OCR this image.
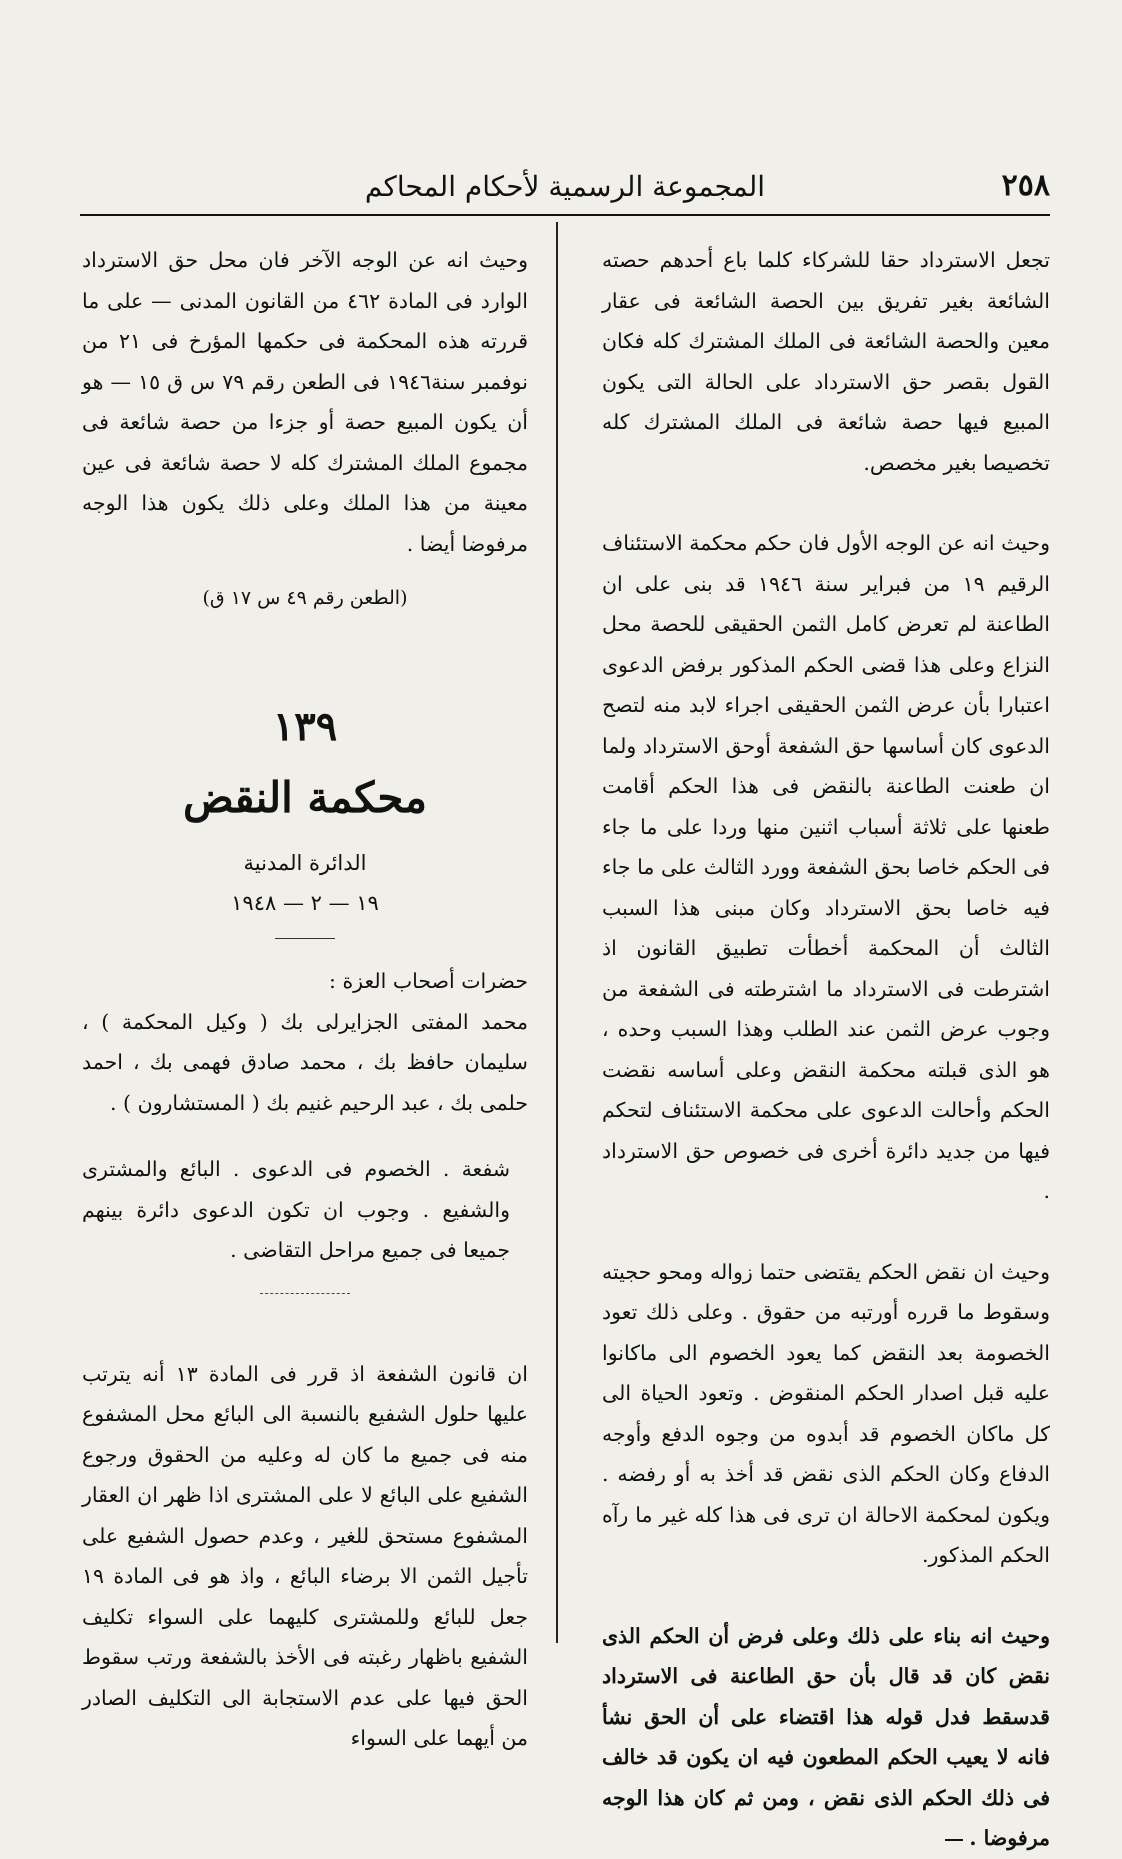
٢٥٨
المجموعة الرسمية لأحكام المحاكم

تجعل الاسترداد حقا للشركاء كلما باع أحدهم حصته الشائعة بغير تفريق بين الحصة الشائعة فى عقار معين والحصة الشائعة فى الملك المشترك كله فكان القول بقصر حق الاسترداد على الحالة التى يكون المبيع فيها حصة شائعة فى الملك المشترك كله تخصيصا بغير مخصص.

وحيث انه عن الوجه الأول فان حكم محكمة الاستئناف الرقيم ١٩ من فبراير سنة ١٩٤٦ قد بنى على ان الطاعنة لم تعرض كامل الثمن الحقيقى للحصة محل النزاع وعلى هذا قضى الحكم المذكور برفض الدعوى اعتبارا بأن عرض الثمن الحقيقى اجراء لابد منه لتصح الدعوى كان أساسها حق الشفعة أوحق الاسترداد ولما ان طعنت الطاعنة بالنقض فى هذا الحكم أقامت طعنها على ثلاثة أسباب اثنين منها وردا على ما جاء فى الحكم خاصا بحق الشفعة وورد الثالث على ما جاء فيه خاصا بحق الاسترداد وكان مبنى هذا السبب الثالث أن المحكمة أخطأت تطبيق القانون اذ اشترطت فى الاسترداد ما اشترطته فى الشفعة من وجوب عرض الثمن عند الطلب وهذا السبب وحده ، هو الذى قبلته محكمة النقض وعلى أساسه نقضت الحكم وأحالت الدعوى على محكمة الاستئناف لتحكم فيها من جديد دائرة أخرى فى خصوص حق الاسترداد .

وحيث ان نقض الحكم يقتضى حتما زواله ومحو حجيته وسقوط ما قرره أورتبه من حقوق . وعلى ذلك تعود الخصومة بعد النقض كما يعود الخصوم الى ماكانوا عليه قبل اصدار الحكم المنقوض . وتعود الحياة الى كل ماكان الخصوم قد أبدوه من وجوه الدفع وأوجه الدفاع وكان الحكم الذى نقض قد أخذ به أو رفضه . ويكون لمحكمة الاحالة ان ترى فى هذا كله غير ما رآه الحكم المذكور.

وحيث انه بناء على ذلك وعلى فرض أن الحكم الذى نقض كان قد قال بأن حق الطاعنة فى الاسترداد قدسقط فدل قوله هذا اقتضاء على أن الحق نشأ فانه لا يعيب الحكم المطعون فيه ان يكون قد خالف فى ذلك الحكم الذى نقض ، ومن ثم كان هذا الوجه مرفوضا .

وحيث انه عن الوجه الآخر فان محل حق الاسترداد الوارد فى المادة ٤٦٢ من القانون المدنى — على ما قررته هذه المحكمة فى حكمها المؤرخ فى ٢١ من نوفمبر سنة١٩٤٦ فى الطعن رقم ٧٩ س ق ١٥ — هو أن يكون المبيع حصة أو جزءا من حصة شائعة فى مجموع الملك المشترك كله لا حصة شائعة فى عين معينة من هذا الملك وعلى ذلك يكون هذا الوجه مرفوضا أيضا .

(الطعن رقم ٤٩ س ١٧ ق)

١٣٩

محكمة النقض

الدائرة المدنية

١٩ — ٢ — ١٩٤٨

حضرات أصحاب العزة :

محمد المفتى الجزايرلى بك ( وكيل المحكمة ) ، سليمان حافظ بك ، محمد صادق فهمى بك ، احمد حلمى بك ، عبد الرحيم غنيم بك ( المستشارون ) .

شفعة . الخصوم فى الدعوى . البائع والمشترى والشفيع . وجوب ان تكون الدعوى دائرة بينهم جميعا فى جميع مراحل التقاضى .

ان قانون الشفعة اذ قرر فى المادة ١٣ أنه يترتب عليها حلول الشفيع بالنسبة الى البائع محل المشفوع منه فى جميع ما كان له وعليه من الحقوق ورجوع الشفيع على البائع لا على المشترى اذا ظهر ان العقار المشفوع مستحق للغير ، وعدم حصول الشفيع على تأجيل الثمن الا برضاء البائع ، واذ هو فى المادة ١٩ جعل للبائع وللمشترى كليهما على السواء تكليف الشفيع باظهار رغبته فى الأخذ بالشفعة ورتب سقوط الحق فيها على عدم الاستجابة الى التكليف الصادر من أيهما على السواء
